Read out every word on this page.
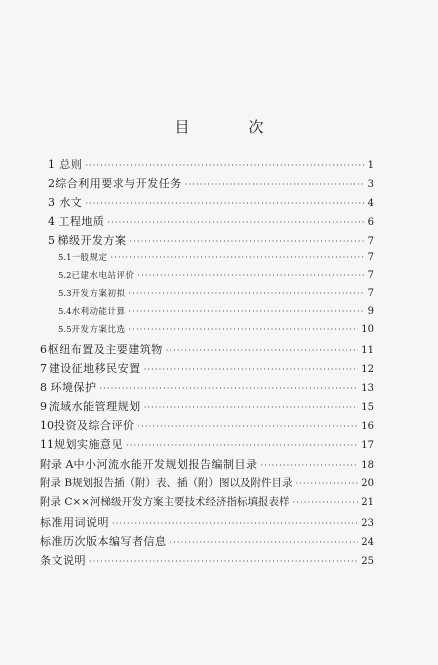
目　次
1 总则 ·····	1
2 综合利用要求与开发任务 ·····	3
3 水文 ·····	4
4 工程地质 ·····	6
5 梯级开发方案 ·····	7
5.1 一般规定 ·····	7
5.2 已建水电站评价 ·····	7
5.3 开发方案初拟 ·····	7
5.4 水利动能计算 ·····	9
5.5 开发方案比选 ·····	10
6 枢纽布置及主要建筑物 ·····	11
7 建设征地移民安置 ·····	12
8 环境保护 ·····	13
9 流域水能管理规划 ·····	15
10 投资及综合评价 ·····	16
11 规划实施意见 ·····	17
附录 A 中小河流水能开发规划报告编制目录 ·····	18
附录 B 规划报告插（附）表、插（附）图以及附件目录 ·····	20
附录 C ××河梯级开发方案主要技术经济指标填报表样 ·····	21
标准用词说明 ·····	23
标准历次版本编写者信息 ·····	24
条文说明 ·····	25
